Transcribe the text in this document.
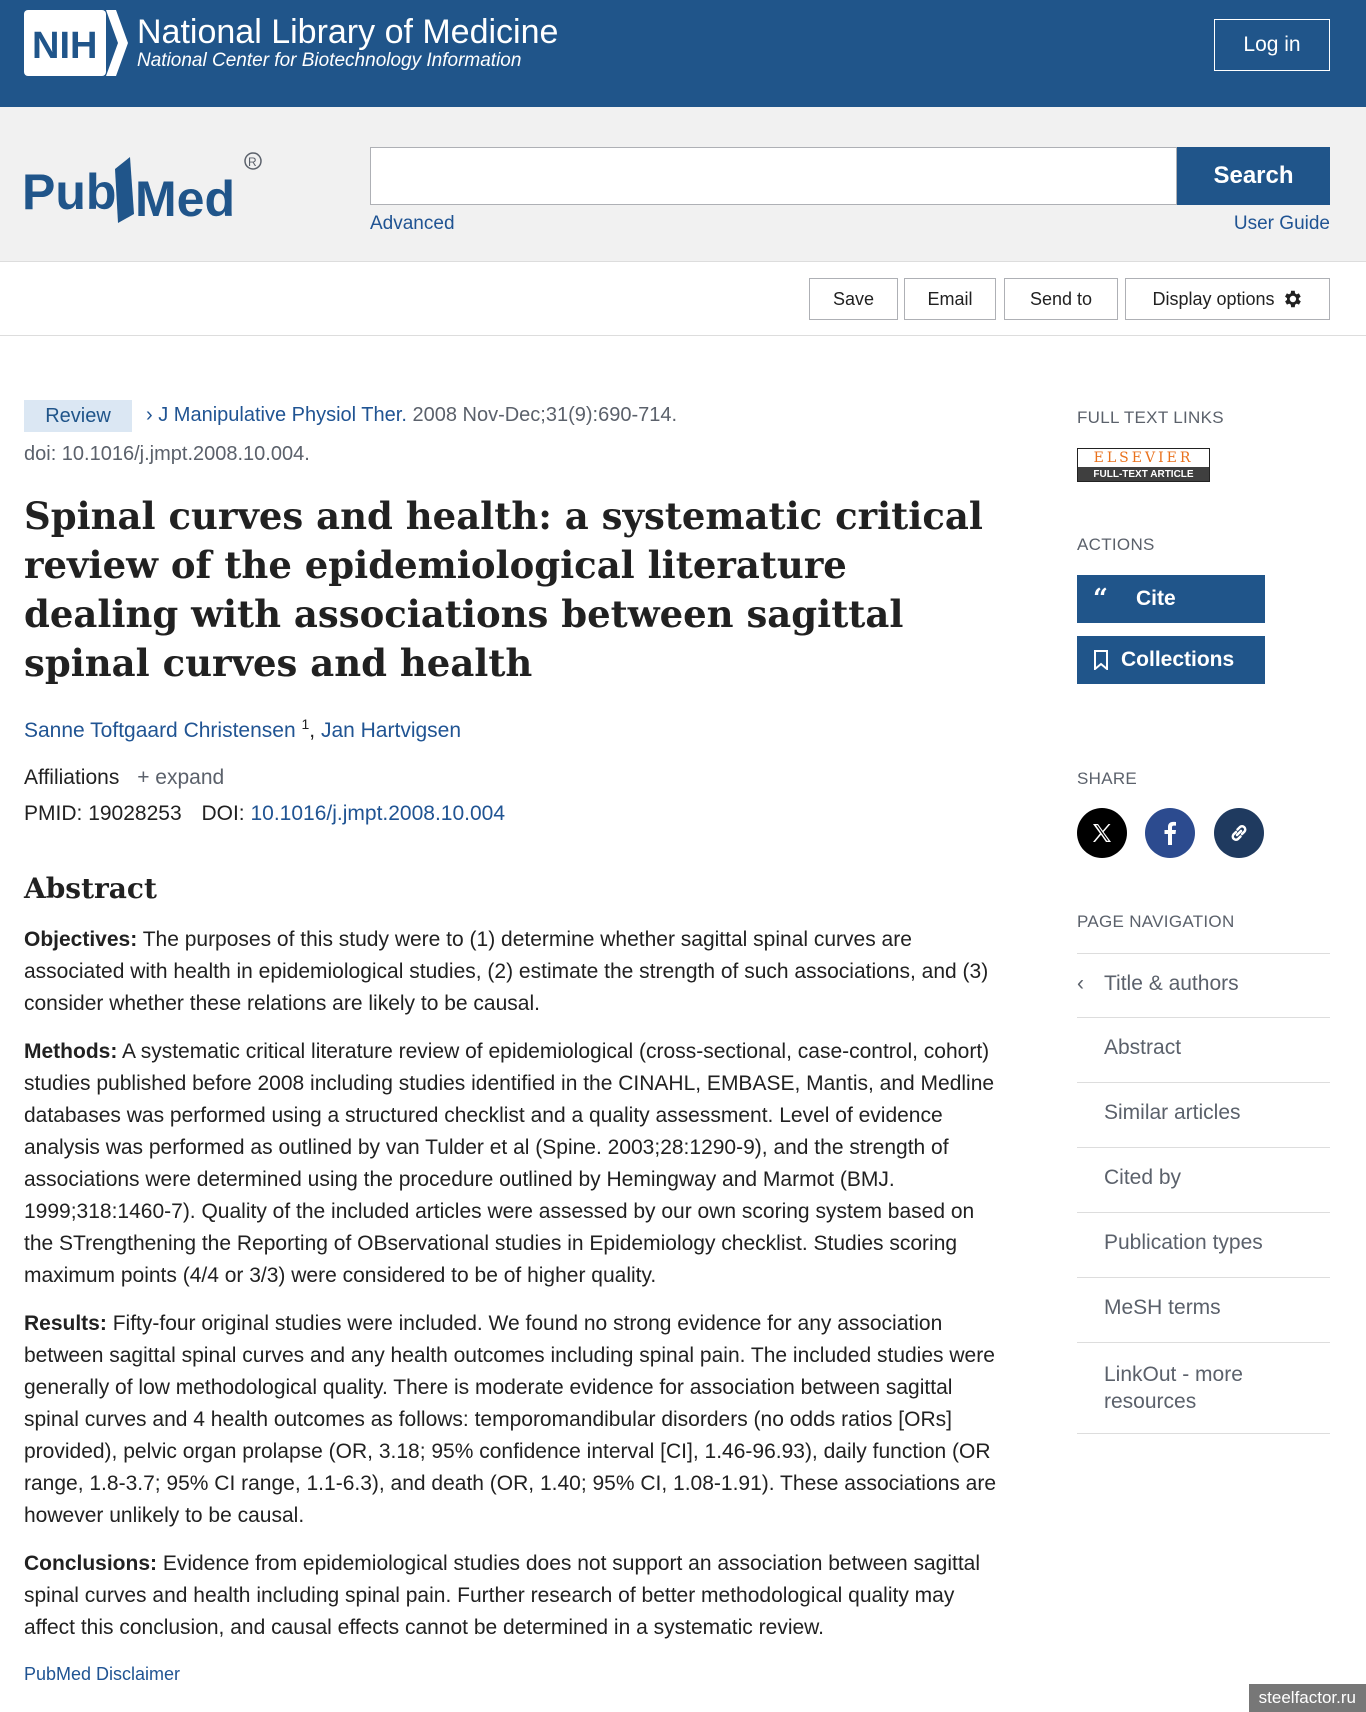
NIH National Library of Medicine
National Center for Biotechnology Information
Log in
Pub Med
R	Search
Advanced	User Guide
Save	Email	Send to	Display options
Review	› J Manipulative Physiol Ther. 2008 Nov-Dec;31(9):690-714.
doi: 10.1016/j.jmpt.2008.10.004.
Spinal curves and health: a systematic critical review of the epidemiological literature dealing with associations between sagittal spinal curves and health
Sanne Toftgaard Christensen $^1$, Jan Hartvigsen
Affiliations + expand
PMID: 19028253 DOI: 10.1016/j.jmpt.2008.10.004
Abstract

Objectives: The purposes of this study were to (1) determine whether sagittal spinal curves are associated with health in epidemiological studies, (2) estimate the strength of such associations, and (3) consider whether these relations are likely to be causal.

Methods: A systematic critical literature review of epidemiological (cross-sectional, case-control, cohort) studies published before 2008 including studies identified in the CINAHL, EMBASE, Mantis, and Medline databases was performed using a structured checklist and a quality assessment. Level of evidence analysis was performed as outlined by van Tulder et al (Spine. 2003;28:1290-9), and the strength of associations were determined using the procedure outlined by Hemingway and Marmot (BMJ. 1999;318:1460-7). Quality of the included articles were assessed by our own scoring system based on the STrengthening the Reporting of OBservational studies in Epidemiology checklist. Studies scoring maximum points (4/4 or 3/3) were considered to be of higher quality.

Results: Fifty-four original studies were included. We found no strong evidence for any association between sagittal spinal curves and any health outcomes including spinal pain. The included studies were generally of low methodological quality. There is moderate evidence for association between sagittal spinal curves and 4 health outcomes as follows: temporomandibular disorders (no odds ratios [ORs] provided), pelvic organ prolapse (OR, 3.18; 95% confidence interval [CI], 1.46-96.93), daily function (OR range, 1.8-3.7; 95% CI range, 1.1-6.3), and death (OR, 1.40; 95% CI, 1.08-1.91). These associations are however unlikely to be causal.

Conclusions: Evidence from epidemiological studies does not support an association between sagittal spinal curves and health including spinal pain. Further research of better methodological quality may affect this conclusion, and causal effects cannot be determined in a systematic review.

PubMed Disclaimer
FULL TEXT LINKS
ELSEVIER
FULL-TEXT ARTICLE
ACTIONS
“ Cite
Collections
SHARE
PAGE NAVIGATION
‹ Title & authors
Abstract
Similar articles
Cited by
Publication types
MeSH terms
LinkOut - more resources
steelfactor.ru
